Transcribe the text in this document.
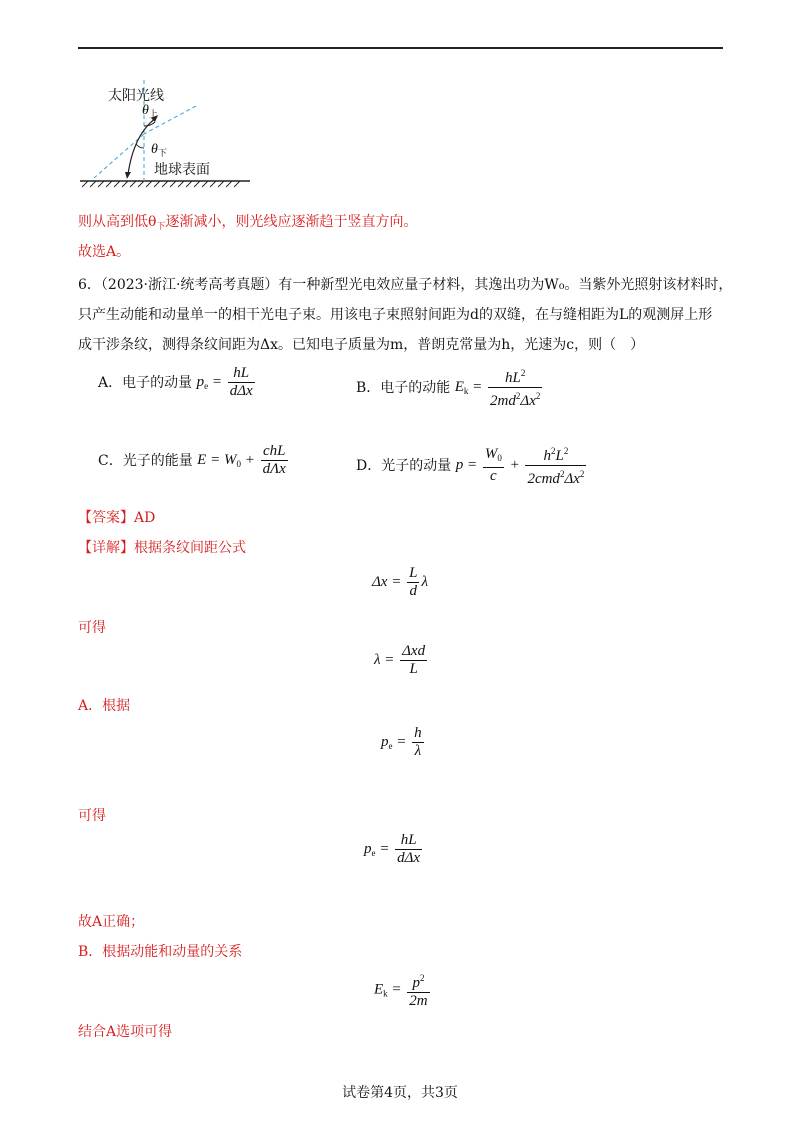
太阳光线
$\theta_上$
$\theta_下$
地球表面
则从高到低$\theta_下$逐渐减小，则光线应逐渐趋于竖直方向。
故选A。
6．（2023·浙江·统考高考真题）有一种新型光电效应量子材料，其逸出功为W₀。当紫外光照射该材料时，
只产生动能和动量单一的相干光电子束。用该电子束照射间距为d的双缝，在与缝相距为L的观测屏上形
成干涉条纹，测得条纹间距为Δx。已知电子质量为m，普朗克常量为h，光速为c，则（　）
A．电子的动量 $p_e = \frac{hL}{\text{dΔx}}$	B．电子的动能 $E_k = \frac{hL^2}{2md^2\Delta x^2}$
C．光子的能量 $E = W_0 + \frac{\text{chL}}{\text{dΛx}}$	D．光子的动量 $p = \frac{W_0}{c} + \frac{h^2L^2}{2cmd^2\Delta x^2}$
【答案】AD
【详解】根据条纹间距公式
$\Delta x = \frac{L}{d}$ λ
可得
$\lambda = \frac{\text{Δxd}}{L}$
A．根据
$p_e = \frac{h}{\lambda}$
可得
$p_e = \frac{hL}{\text{dΔx}}$
故A正确；
B．根据动能和动量的关系
$E_k = \frac{p^2}{2m}$
结合A选项可得
试卷第4页，共3页
